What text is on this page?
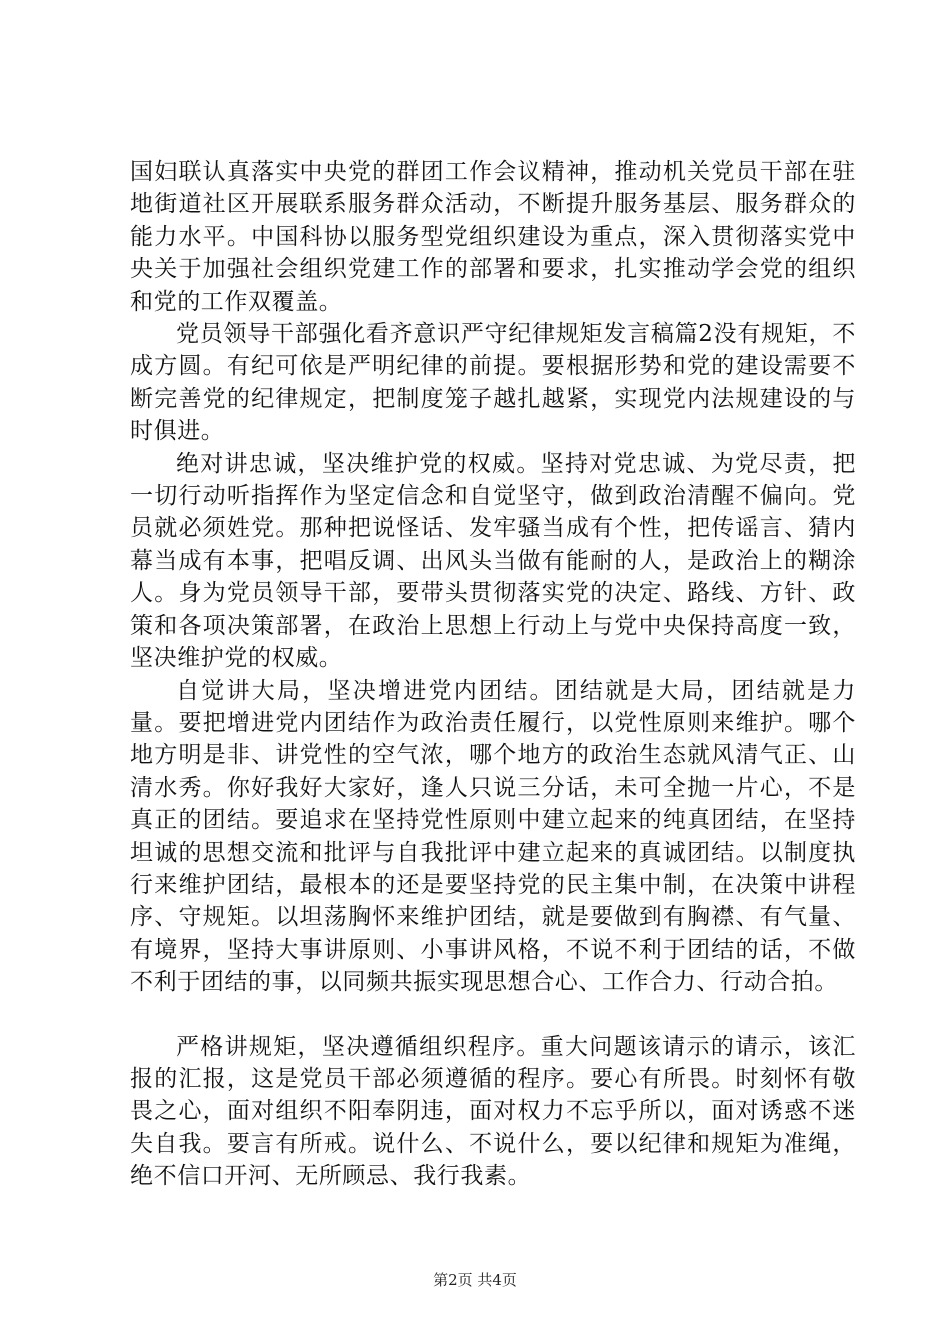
国妇联认真落实中央党的群团工作会议精神，推动机关党员干部在驻地街道社区开展联系服务群众活动，不断提升服务基层、服务群众的能力水平。中国科协以服务型党组织建设为重点，深入贯彻落实党中央关于加强社会组织党建工作的部署和要求，扎实推动学会党的组织和党的工作双覆盖。

党员领导干部强化看齐意识严守纪律规矩发言稿篇2没有规矩，不成方圆。有纪可依是严明纪律的前提。要根据形势和党的建设需要不断完善党的纪律规定，把制度笼子越扎越紧，实现党内法规建设的与时俱进。

绝对讲忠诚，坚决维护党的权威。坚持对党忠诚、为党尽责，把一切行动听指挥作为坚定信念和自觉坚守，做到政治清醒不偏向。党员就必须姓党。那种把说怪话、发牢骚当成有个性，把传谣言、猜内幕当成有本事，把唱反调、出风头当做有能耐的人，是政治上的糊涂人。身为党员领导干部，要带头贯彻落实党的决定、路线、方针、政策和各项决策部署，在政治上思想上行动上与党中央保持高度一致，坚决维护党的权威。

自觉讲大局，坚决增进党内团结。团结就是大局，团结就是力量。要把增进党内团结作为政治责任履行，以党性原则来维护。哪个地方明是非、讲党性的空气浓，哪个地方的政治生态就风清气正、山清水秀。你好我好大家好，逢人只说三分话，未可全抛一片心，不是真正的团结。要追求在坚持党性原则中建立起来的纯真团结，在坚持坦诚的思想交流和批评与自我批评中建立起来的真诚团结。以制度执行来维护团结，最根本的还是要坚持党的民主集中制，在决策中讲程序、守规矩。以坦荡胸怀来维护团结，就是要做到有胸襟、有气量、有境界，坚持大事讲原则、小事讲风格，不说不利于团结的话，不做不利于团结的事，以同频共振实现思想合心、工作合力、行动合拍。

严格讲规矩，坚决遵循组织程序。重大问题该请示的请示，该汇报的汇报，这是党员干部必须遵循的程序。要心有所畏。时刻怀有敬畏之心，面对组织不阳奉阴违，面对权力不忘乎所以，面对诱惑不迷失自我。要言有所戒。说什么、不说什么，要以纪律和规矩为准绳，绝不信口开河、无所顾忌、我行我素。

第2页 共4页
